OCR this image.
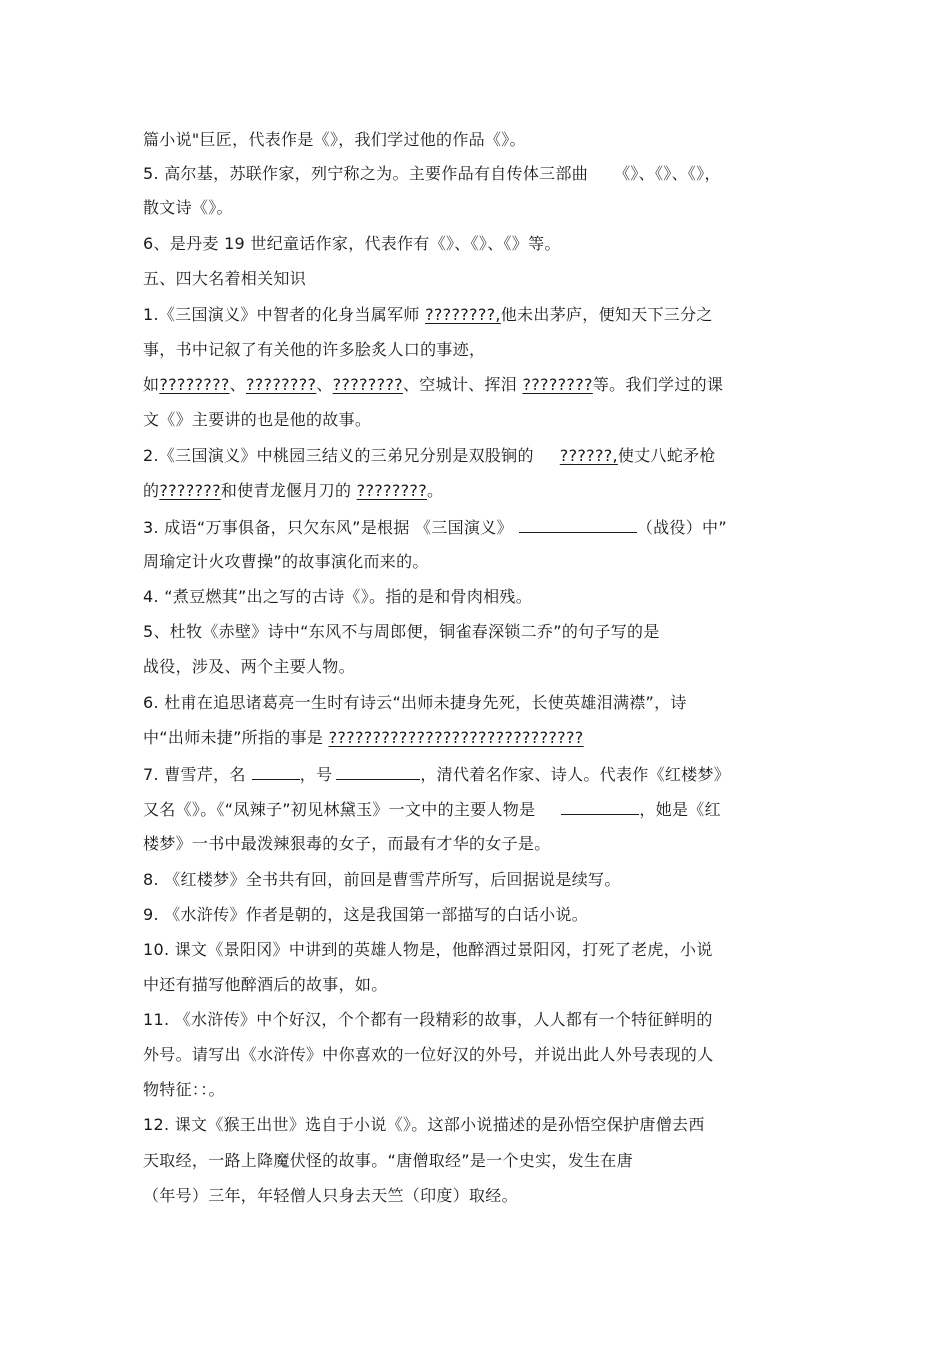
篇小说"巨匠，代表作是《》，我们学过他的作品《》。
5. 高尔基，苏联作家，列宁称之为。主要作品有自传体三部曲 《》、《》、《》，
散文诗《》。
6、是丹麦 19 世纪童话作家，代表作有《》、《》、《》等。
五、四大名着相关知识
1.《三国演义》中智者的化身当属军师 ????????,他未出茅庐，便知天下三分之
事，书中记叙了有关他的许多脍炙人口的事迹，
如????????、????????、????????、空城计、挥泪 ????????等。我们学过的课
文《》主要讲的也是他的故事。
2.《三国演义》中桃园三结义的三弟兄分别是双股锏的 ??????,使丈八蛇矛枪
的???????和使青龙偃月刀的 ????????。
3. 成语“万事俱备，只欠东风”是根据 《三国演义》	（战役）中”
周瑜定计火攻曹操”的故事演化而来的。
4. “煮豆燃萁”出之写的古诗《》。指的是和骨肉相残。
5、杜牧《赤壁》诗中“东风不与周郎便，铜雀春深锁二乔”的句子写的是
战役，涉及、两个主要人物。
6. 杜甫在追思诸葛亮一生时有诗云“出师未捷身先死，长使英雄泪满襟”，诗
中“出师未捷”所指的事是 ?????????????????????????????
7. 曹雪芹，名	，号	，清代着名作家、诗人。代表作《红楼梦》
又名《》。《“凤辣子”初见林黛玉》一文中的主要人物是	，她是《红
楼梦》一书中最泼辣狠毒的女子，而最有才华的女子是。
8. 《红楼梦》全书共有回，前回是曹雪芹所写，后回据说是续写。
9. 《水浒传》作者是朝的，这是我国第一部描写的白话小说。
10. 课文《景阳冈》中讲到的英雄人物是，他醉酒过景阳冈，打死了老虎，小说
中还有描写他醉酒后的故事，如。
11. 《水浒传》中个好汉，个个都有一段精彩的故事，人人都有一个特征鲜明的
外号。请写出《水浒传》中你喜欢的一位好汉的外号，并说出此人外号表现的人
物特征：：。
12. 课文《猴王出世》选自于小说《》。这部小说描述的是孙悟空保护唐僧去西
天取经，一路上降魔伏怪的故事。“唐僧取经”是一个史实，发生在唐
（年号）三年，年轻僧人只身去天竺（印度）取经。
